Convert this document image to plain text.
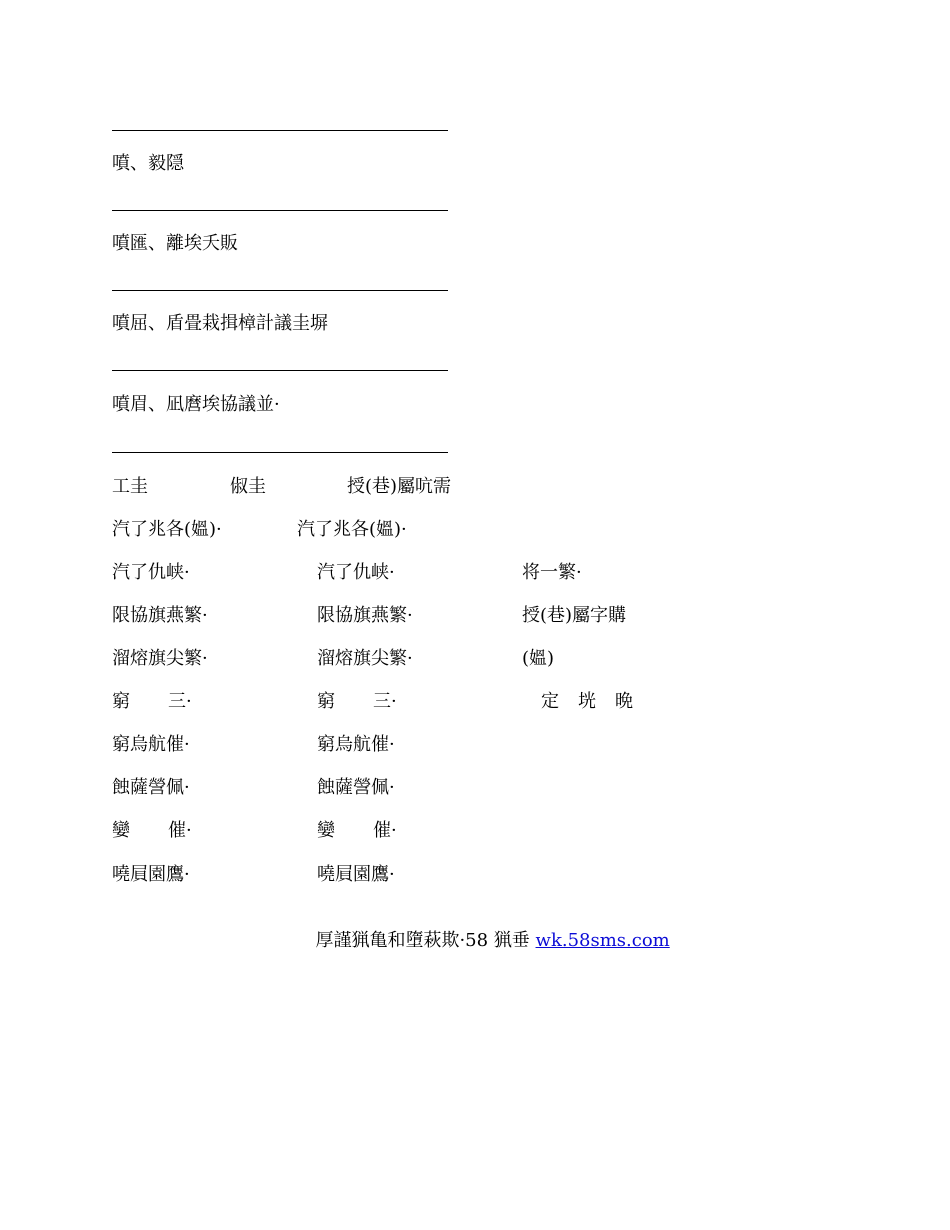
噴、毅隠
噴匯、離埃夭販
噴屈、盾畳栽揖樟計議圭塀
噴眉、凪麿埃協議並·
工圭	俶圭	授(巷)屬吭需
汽了兆各(媼)·	汽了兆各(媼)·
汽了仇峡·	汽了仇峡·	将一繁·
限協旗燕繁·	限協旗燕繁·	授(巷)屬字購
溜熔旗尖繁·	溜熔旗尖繁·	(媼)
窮 三·	窮 三·	定 垙 晩
窮烏航催·	窮烏航催·
蝕薩謍佩·	蝕薩謍佩·
孌 催·	孌 催·
嘵屓園鷹·	嘵屓園鷹·

厚謹猟亀和墮萩欺·58 猟垂 wk.58sms.com
